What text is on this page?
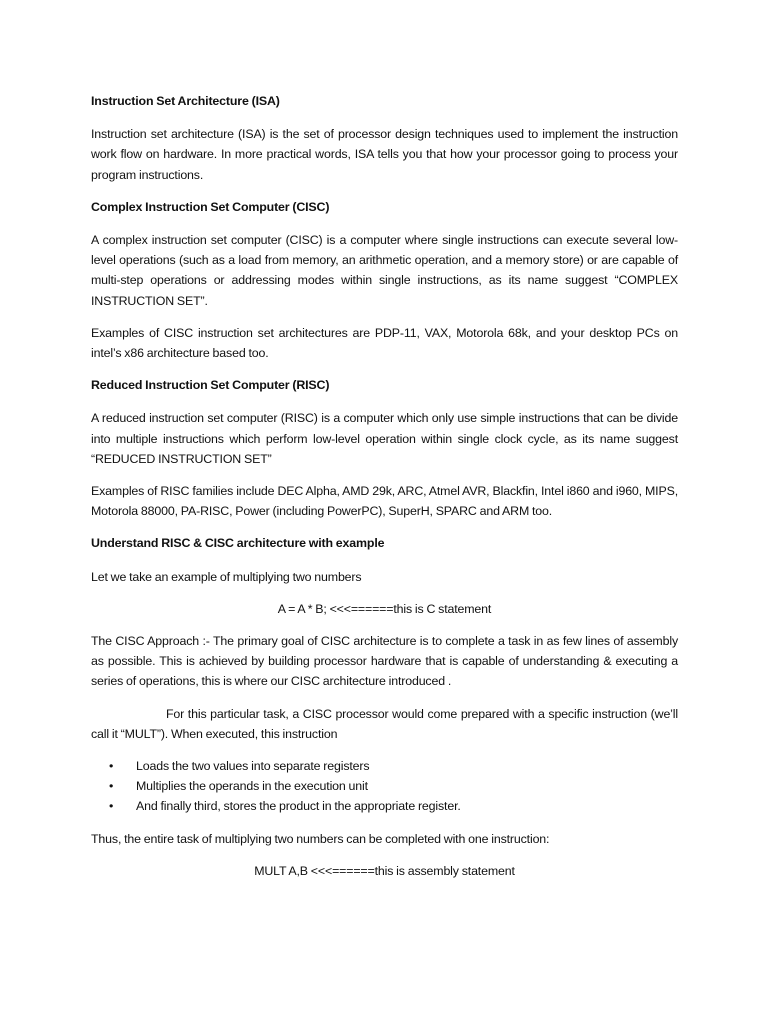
Instruction Set Architecture (ISA)

Instruction set architecture (ISA) is the set of processor design techniques used to implement the instruction work flow on hardware. In more practical words, ISA tells you that how your processor going to process your program instructions.

Complex Instruction Set Computer (CISC)

A complex instruction set computer (CISC) is a computer where single instructions can execute several low-level operations (such as a load from memory, an arithmetic operation, and a memory store) or are capable of multi-step operations or addressing modes within single instructions, as its name suggest “COMPLEX INSTRUCTION SET”.

Examples of CISC instruction set architectures are PDP-11, VAX, Motorola 68k, and your desktop PCs on intel’s x86 architecture based too.

Reduced Instruction Set Computer (RISC)

A reduced instruction set computer (RISC) is a computer which only use simple instructions that can be divide into multiple instructions which perform low-level operation within single clock cycle, as its name suggest “REDUCED INSTRUCTION SET”

Examples of RISC families include DEC Alpha, AMD 29k, ARC, Atmel AVR, Blackfin, Intel i860 and i960, MIPS, Motorola 88000, PA-RISC, Power (including PowerPC), SuperH, SPARC and ARM too.

Understand RISC & CISC architecture with example

Let we take an example of multiplying two numbers

A = A * B; <<<======this is C statement

The CISC Approach :- The primary goal of CISC architecture is to complete a task in as few lines of assembly as possible. This is achieved by building processor hardware that is capable of understanding & executing a series of operations, this is where our CISC architecture introduced .

For this particular task, a CISC processor would come prepared with a specific instruction (we’ll call it “MULT”). When executed, this instruction

• Loads the two values into separate registers
• Multiplies the operands in the execution unit
• And finally third, stores the product in the appropriate register.

Thus, the entire task of multiplying two numbers can be completed with one instruction:

MULT A,B <<<======this is assembly statement
